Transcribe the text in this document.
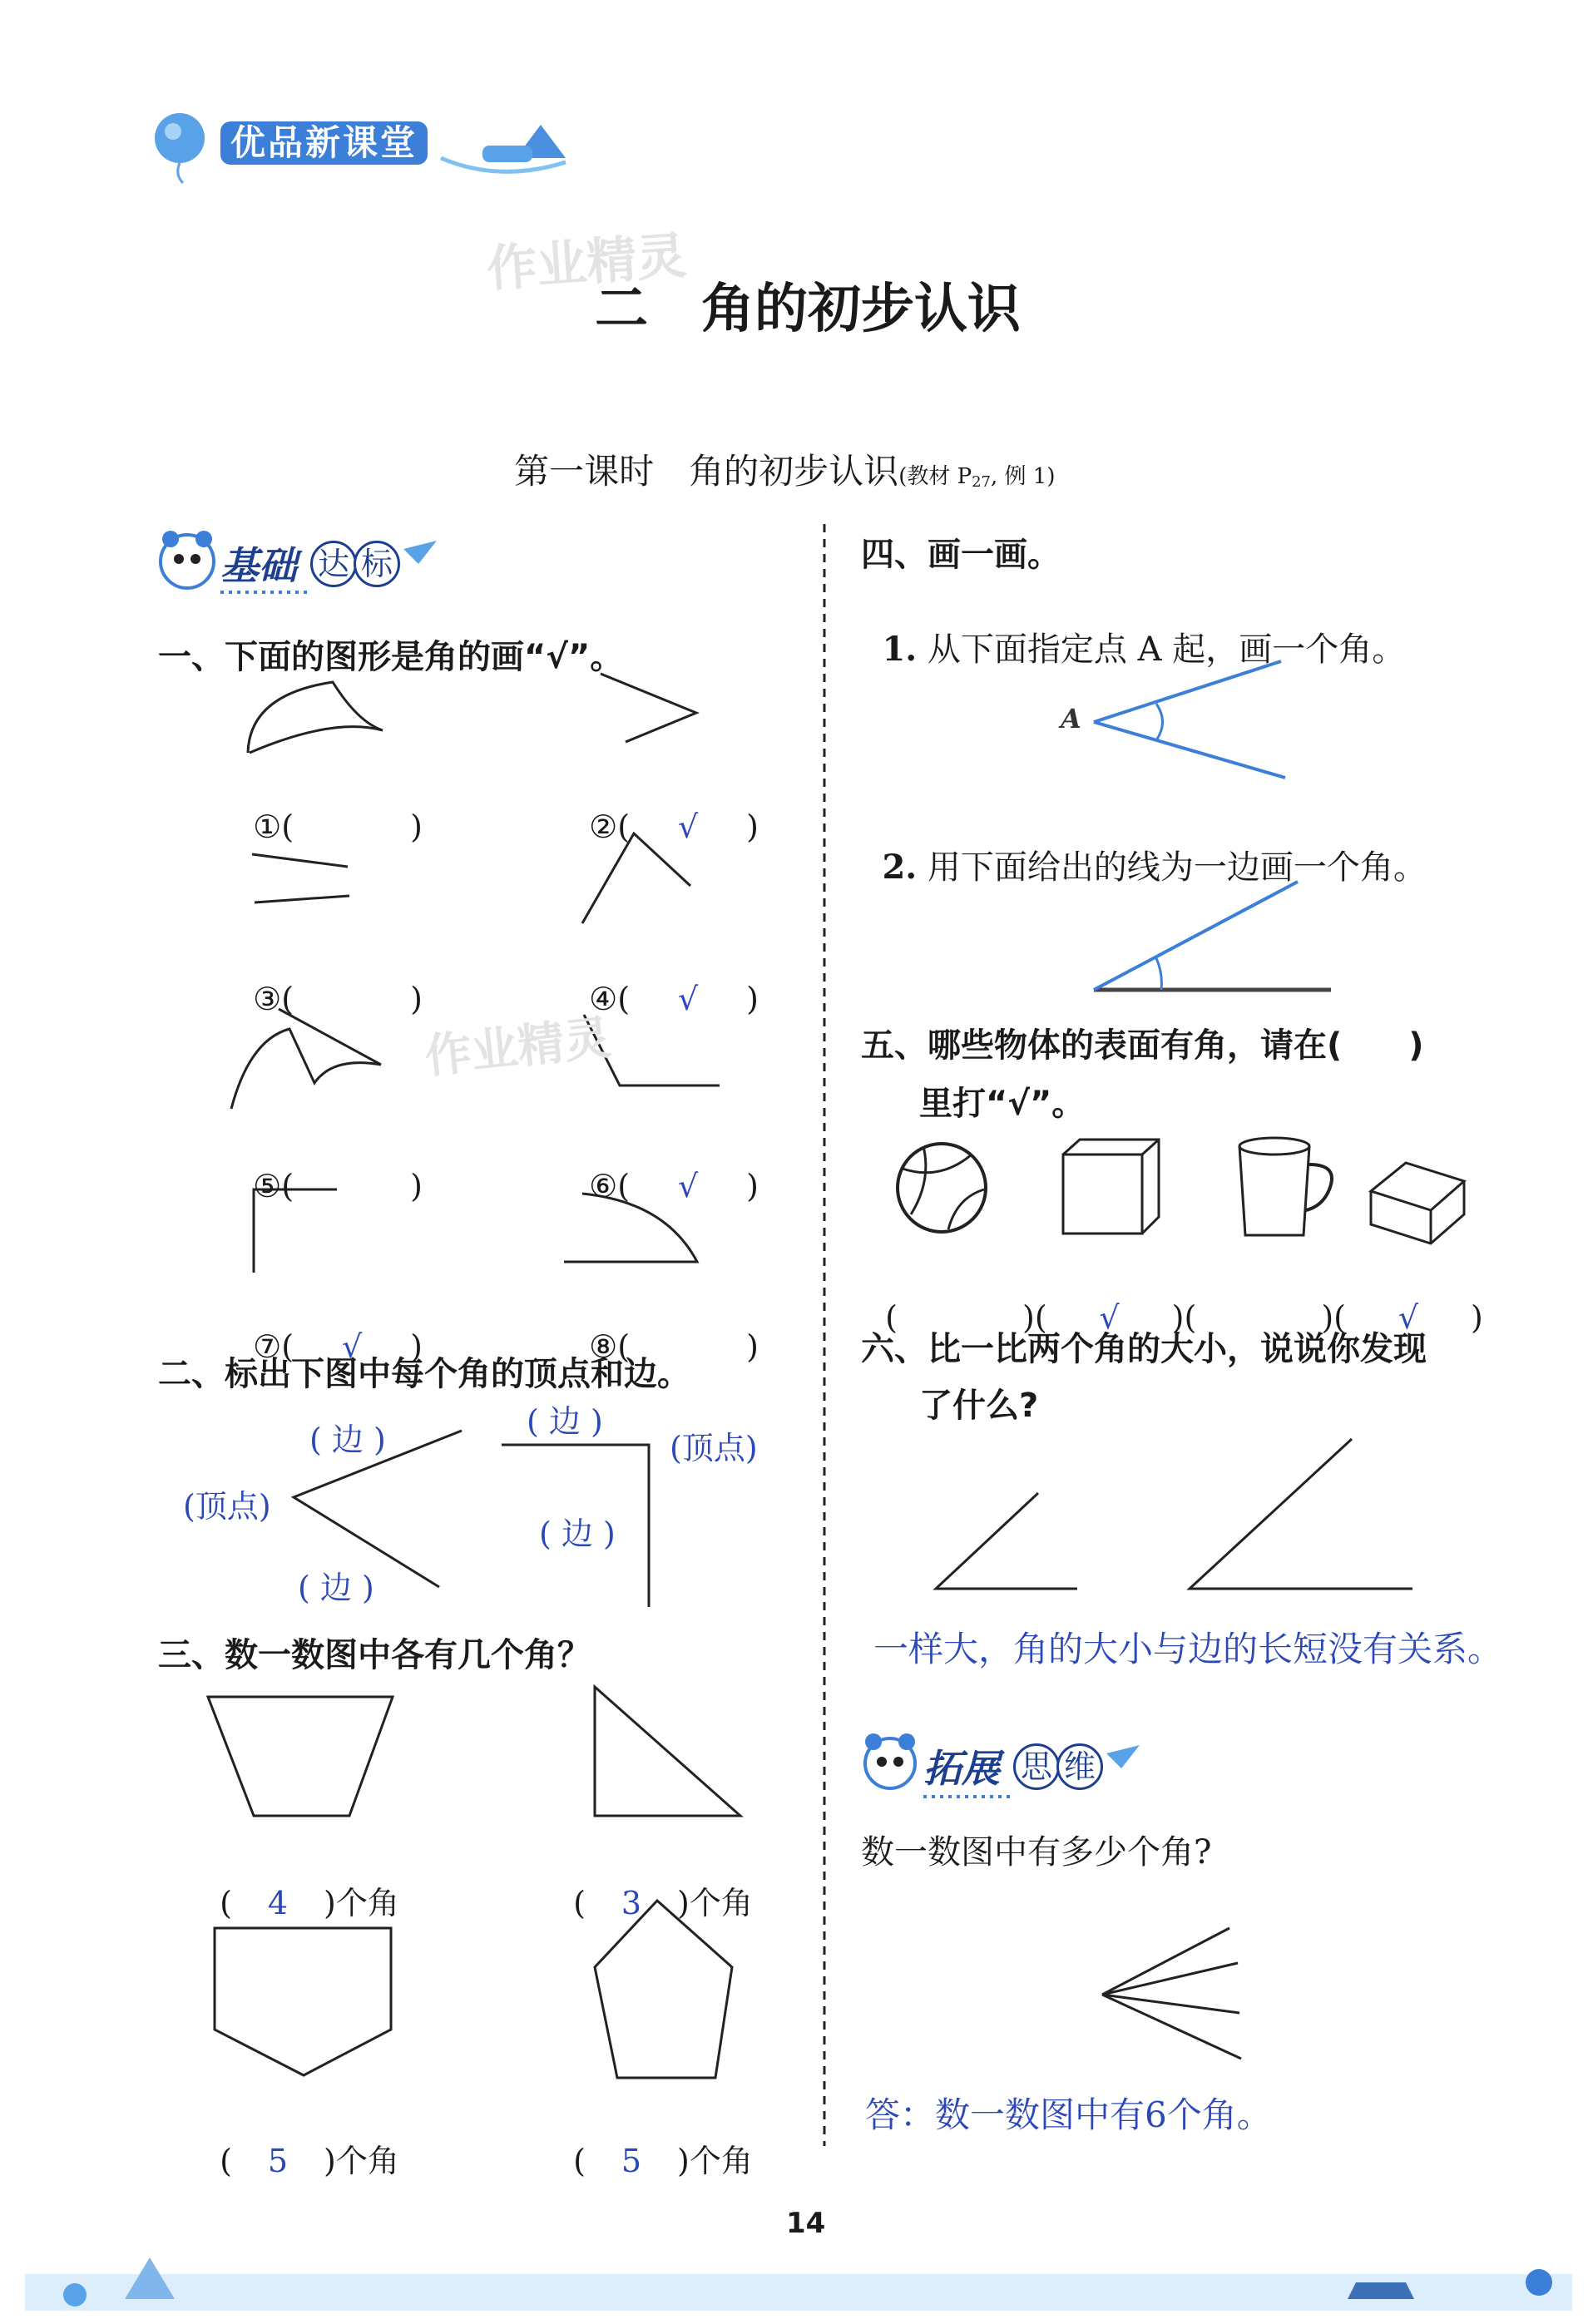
优品新课堂
作业精灵
二　角的初步认识

第一课时　角的初步认识(教材 $P_{27}$, 例 1)

基础 达 标
一、下面的图形是角的画“√”。

①(	)	②( √ )

③(	)	④( √ )

⑤(	)	⑥( √ )

⑦( √ )	⑧(	)

作业精灵
二、标出下图中每个角的顶点和边。
( 边 )
(顶点)
( 边 )
( 边 )
(顶点)
( 边 )
三、数一数图中各有几个角？

( 4 )个角	( 3 )个角

( 5 )个角	( 5 )个角

四、画一画。

1. 从下面指定点 A 起，画一个角。

A

2. 用下面给出的线为一边画一个角。

五、哪些物体的表面有角，请在(　　)
里打“√”。

(	)( √ )(	)( √ )

六、比一比两个角的大小，说说你发现
了什么?
一样大，角的大小与边的长短没有关系。
拓展 思 维
数一数图中有多少个角?
答：数一数图中有6个角。
14
